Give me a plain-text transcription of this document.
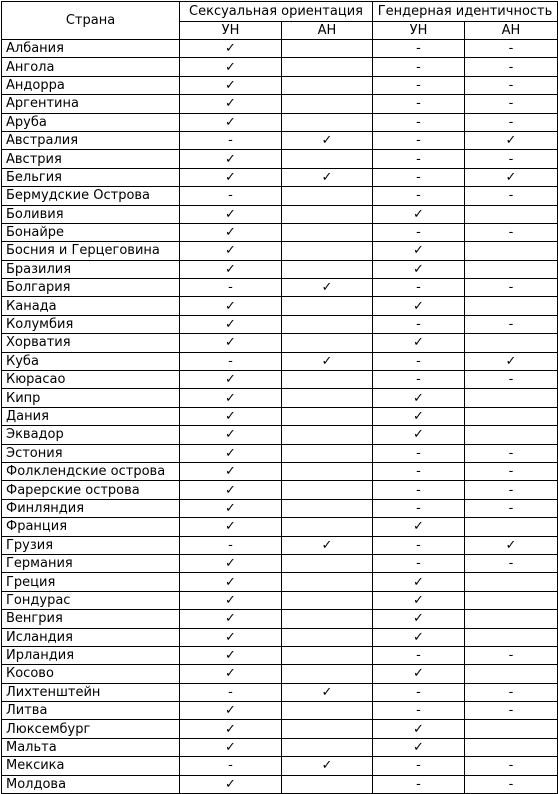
Страна	Сексуальная ориентация		Гендерная идентичность	
	УН	АН	УН	АН
Албания	✓		-	-
Ангола	✓		-	-
Андорра	✓		-	-
Аргентина	✓		-	-
Аруба	✓		-	-
Австралия	-	✓	-	✓
Австрия	✓		-	-
Бельгия	✓	✓	-	✓
Бермудские Острова	-		-	-
Боливия	✓		✓	
Бонайре	✓		-	-
Босния и Герцеговина	✓		✓	
Бразилия	✓		✓	
Болгария	-	✓	-	-
Канада	✓		✓	
Колумбия	✓		-	-
Хорватия	✓		✓	
Куба	-	✓	-	✓
Кюрасао	✓		-	-
Кипр	✓		✓	
Дания	✓		✓	
Эквадор	✓		✓	
Эстония	✓		-	-
Фолклендские острова	✓		-	-
Фарерские острова	✓		-	-
Финляндия	✓		-	-
Франция	✓		✓	
Грузия	-	✓	-	✓
Германия	✓		-	-
Греция	✓		✓	
Гондурас	✓		✓	
Венгрия	✓		✓	
Исландия	✓		✓	
Ирландия	✓		-	-
Косово	✓		✓	
Лихтенштейн	-	✓	-	-
Литва	✓		-	-
Люксембург	✓		✓	
Мальта	✓		✓	
Мексика	-	✓	-	-
Молдова	✓		-	-
